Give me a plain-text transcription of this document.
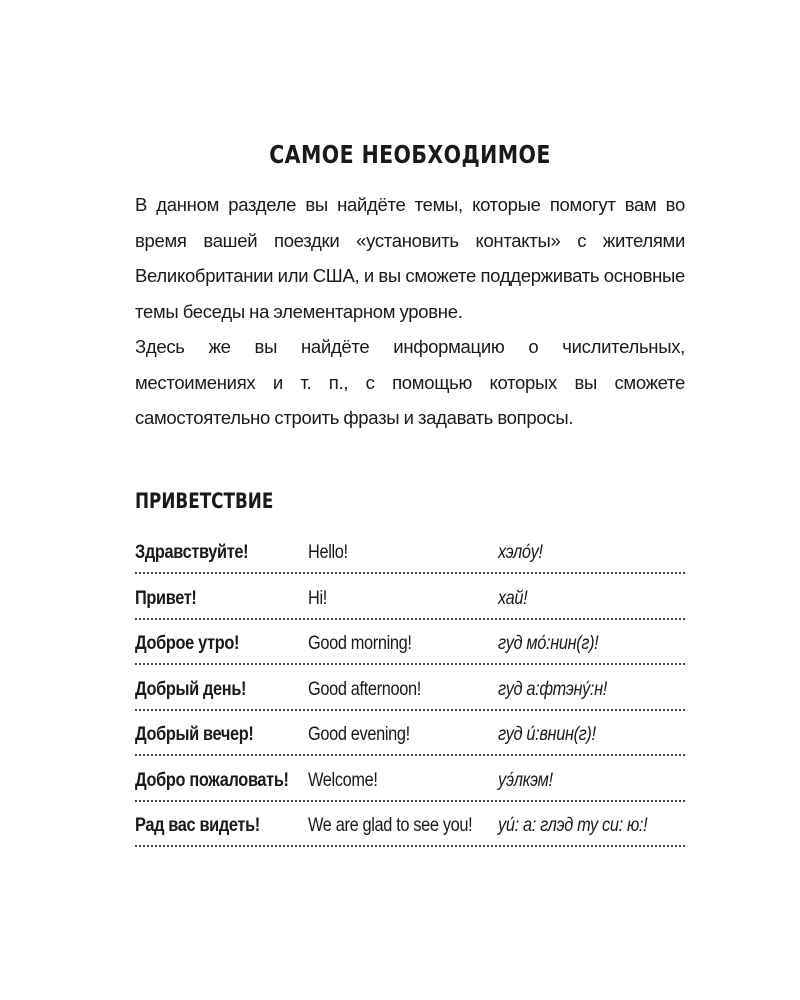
САМОЕ НЕОБХОДИМОЕ

В данном разделе вы найдёте темы, которые помогут вам во время вашей поездки «установить контакты» с жителями Великобритании или США, и вы сможете поддерживать основные темы беседы на элементарном уровне.

Здесь же вы найдёте информацию о числительных, местоимениях и т. п., с помощью которых вы сможете самостоятельно строить фразы и задавать вопросы.

ПРИВЕТСТВИЕ
Здравствуйте!	Hello!	хэло́у!
Привет!	Hi!	хай!
Доброе утро!	Good morning!	гуд мо́:нин(г)!
Добрый день!	Good afternoon!	гуд а:фтэну́:н!
Добрый вечер!	Good evening!	гуд и́:внин(г)!
Добро пожаловать! Welcome!	уэ́лкэм!
Рад вас видеть!	We are glad to see you! уи́: а: глэд ту си: ю:!
